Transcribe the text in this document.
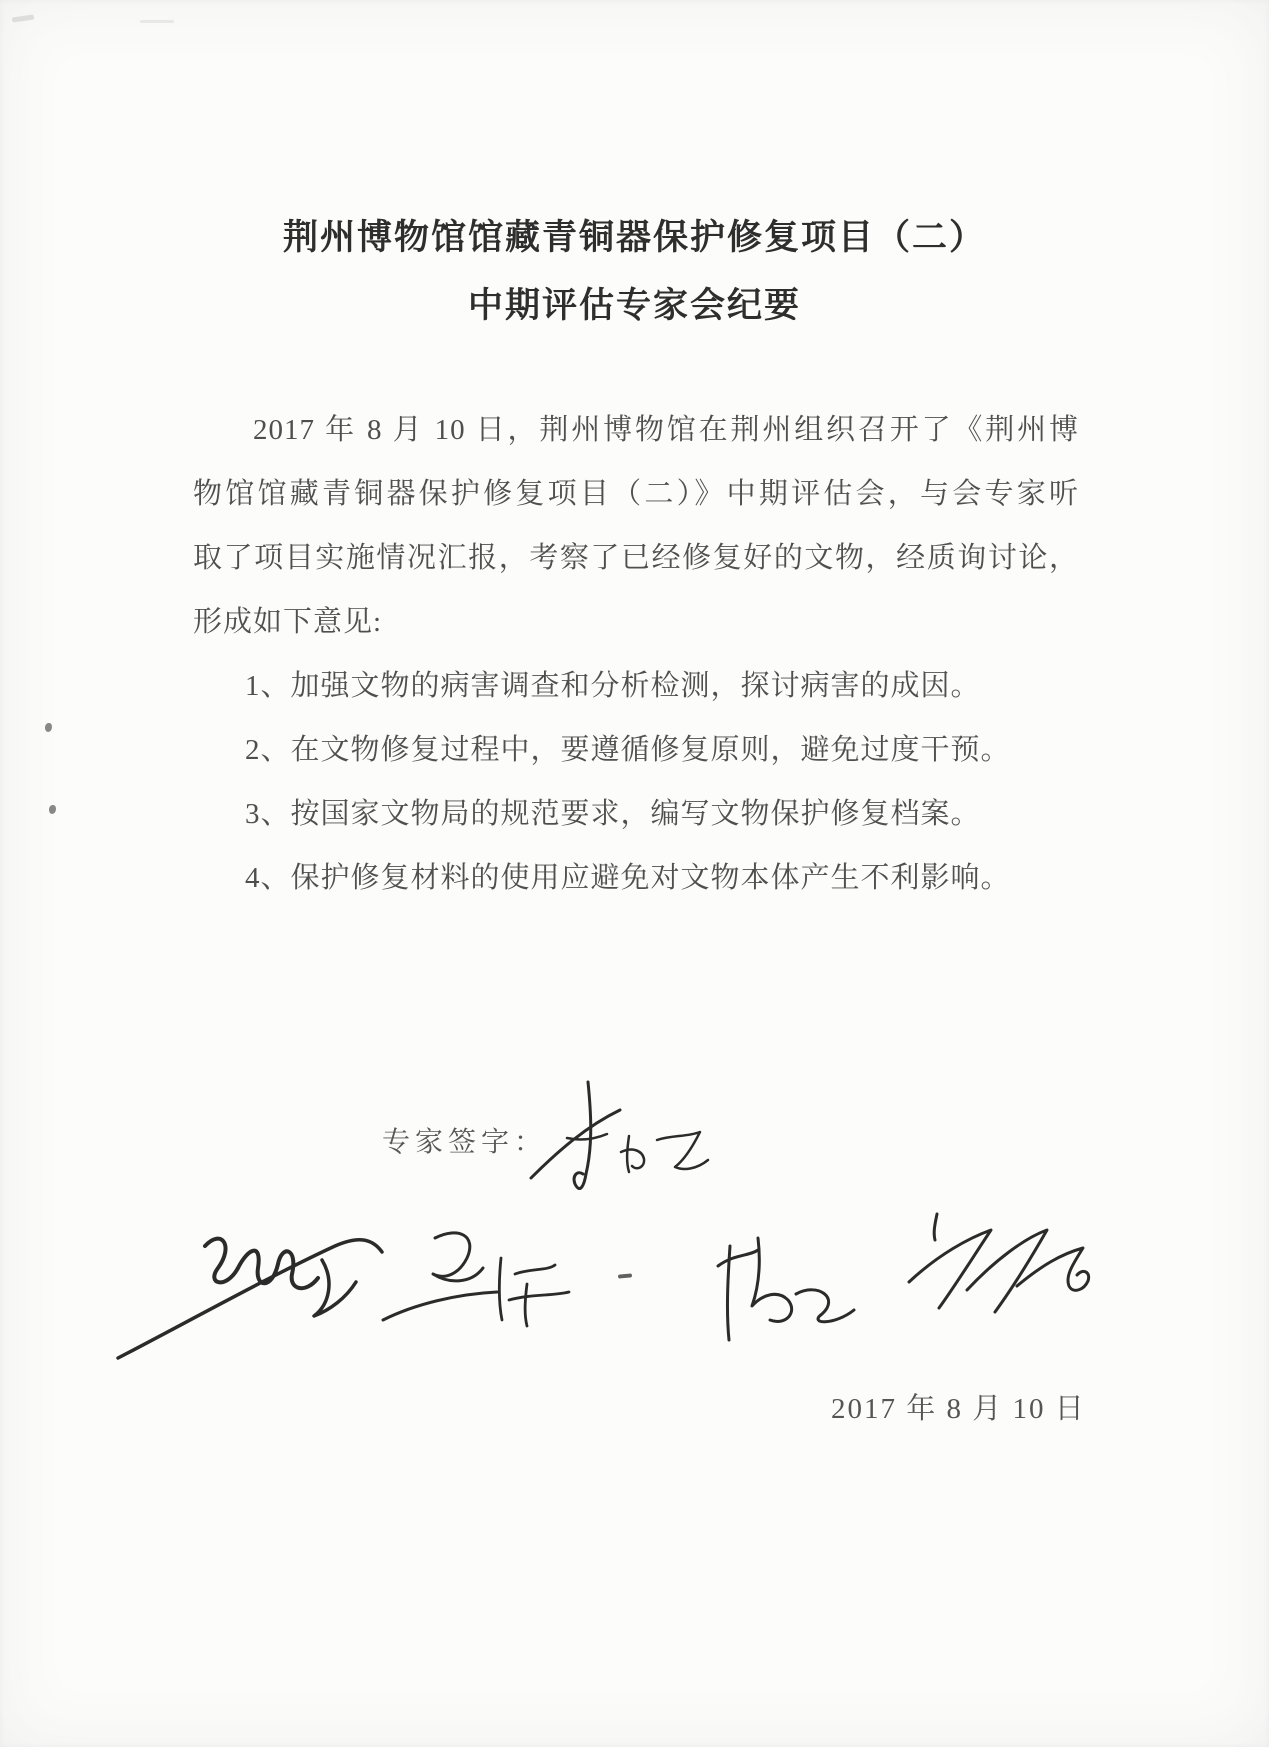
荆州博物馆馆藏青铜器保护修复项目（二）
中期评估专家会纪要
2017 年 8 月 10 日，荆州博物馆在荆州组织召开了《荆州博
物馆馆藏青铜器保护修复项目（二）》中期评估会，与会专家听
取了项目实施情况汇报，考察了已经修复好的文物，经质询讨论，
形成如下意见:
1、加强文物的病害调查和分析检测，探讨病害的成因。
2、在文物修复过程中，要遵循修复原则，避免过度干预。
3、按国家文物局的规范要求，编写文物保护修复档案。
4、保护修复材料的使用应避免对文物本体产生不利影响。
专家签字：
2017 年 8 月 10 日
